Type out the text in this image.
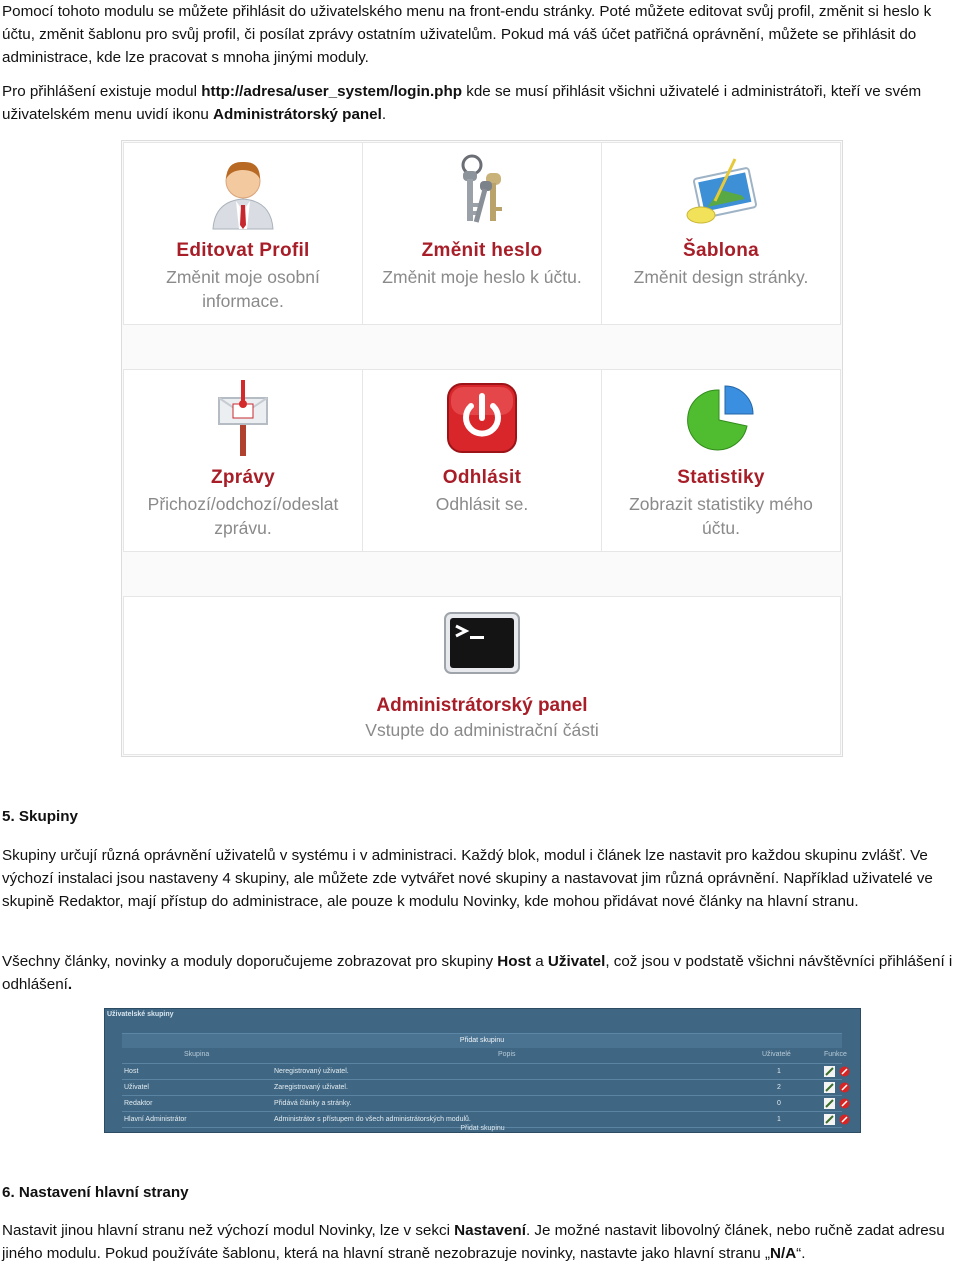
Pomocí tohoto modulu se můžete přihlásit do uživatelského menu na front-endu stránky. Poté můžete editovat svůj profil, změnit si heslo k účtu, změnit šablonu pro svůj profil, či posílat zprávy ostatním uživatelům. Pokud má váš účet patřičná oprávnění, můžete se přihlásit do administrace, kde lze pracovat s mnoha jinými moduly.

Pro přihlášení existuje modul http://adresa/user_system/login.php kde se musí přihlásit všichni uživatelé i administrátoři, kteří ve svém uživatelském menu uvidí ikonu Administrátorský panel.

Editovat Profil
Změnit moje osobní informace.
Změnit heslo
Změnit moje heslo k účtu.
Šablona
Změnit design stránky.
Zprávy
Přichozí/odchozí/odeslat zprávu.
Odhlásit
Odhlásit se.
Statistiky
Zobrazit statistiky mého účtu.
Administrátorský panel
Vstupte do administrační části
5. Skupiny

Skupiny určují různá oprávnění uživatelů v systému i v administraci. Každý blok, modul i článek lze nastavit pro každou skupinu zvlášť. Ve výchozí instalaci jsou nastaveny 4 skupiny, ale můžete zde vytvářet nové skupiny a nastavovat jim různá oprávnění. Například uživatelé ve skupině Redaktor, mají přístup do administrace, ale pouze k modulu Novinky, kde mohou přidávat nové články na hlavní stranu.

Všechny články, novinky a moduly doporučujeme zobrazovat pro skupiny Host a Uživatel, což jsou v podstatě všichni návštěvníci přihlášení i odhlášení.

Uživatelské skupiny
Přidat skupinu
Skupina	Popis	Uživatelé	Funkce
Host	Neregistrovaný uživatel.	1
Uživatel	Zaregistrovaný uživatel.	2
Redaktor	Přidává články a stránky.	0
Hlavní Administrátor	Administrátor s přístupem do všech administrátorských modulů.	1
Přidat skupinu
6. Nastavení hlavní strany

Nastavit jinou hlavní stranu než výchozí modul Novinky, lze v sekci Nastavení. Je možné nastavit libovolný článek, nebo ručně zadat adresu jiného modulu. Pokud používáte šablonu, která na hlavní straně nezobrazuje novinky, nastavte jako hlavní stranu „N/A“.
